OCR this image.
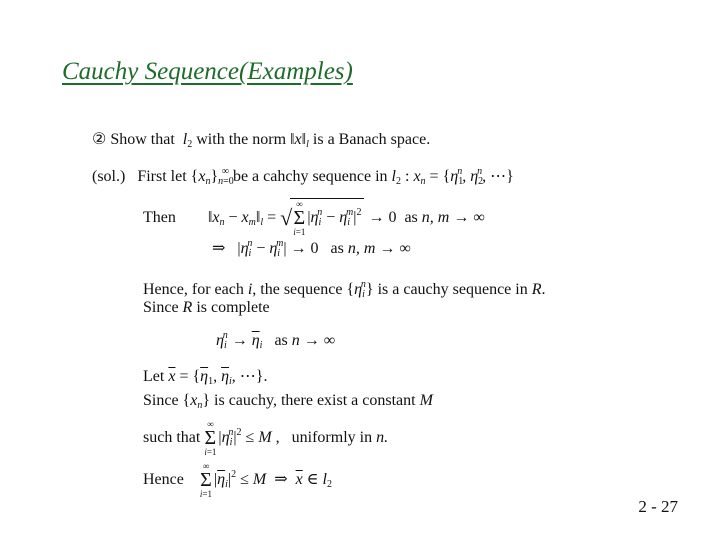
Cauchy Sequence(Examples)
② Show that $l_2$ with the norm $‖x‖_l$ is a Banach space.
(sol.) First let $\{x_n\}_{n=0}^\infty$ be a cahchy sequence in $l_2$ : $x_n = \{\eta_1^n$, $\eta_2^n$, ⋯}
Then $‖x_n$ − $x_m‖_l$ = √∞
Σ
$i=1|\eta_i^n - \eta_i^m|^2 \to 0$  as n, m → ∞
⇒   $|\eta_i^n - \eta_i^m| \to 0$ as n, m → ∞
Hence, for each i, the sequence $\{\eta_i^n\}$ is a cauchy sequence in R.
Since R is complete
$\eta_i^n \to \overline{\eta}_i$ as n → ∞
Let $\overline{x} = \{\overline{\eta}_1$, $\overline{\eta}_i$, ⋯}.
Since $\{x_n\}$ is cauchy, there exist a constant M
such that ∞
Σ
$i=1|\eta_i^n|^2 \le M$ , uniformly in n.
Hence    ∞
Σ
$i=1|\overline{\eta}_i|^2 \le M$  ⇒  $\overline{x}$ ∈ $l_2$
2 - 27
